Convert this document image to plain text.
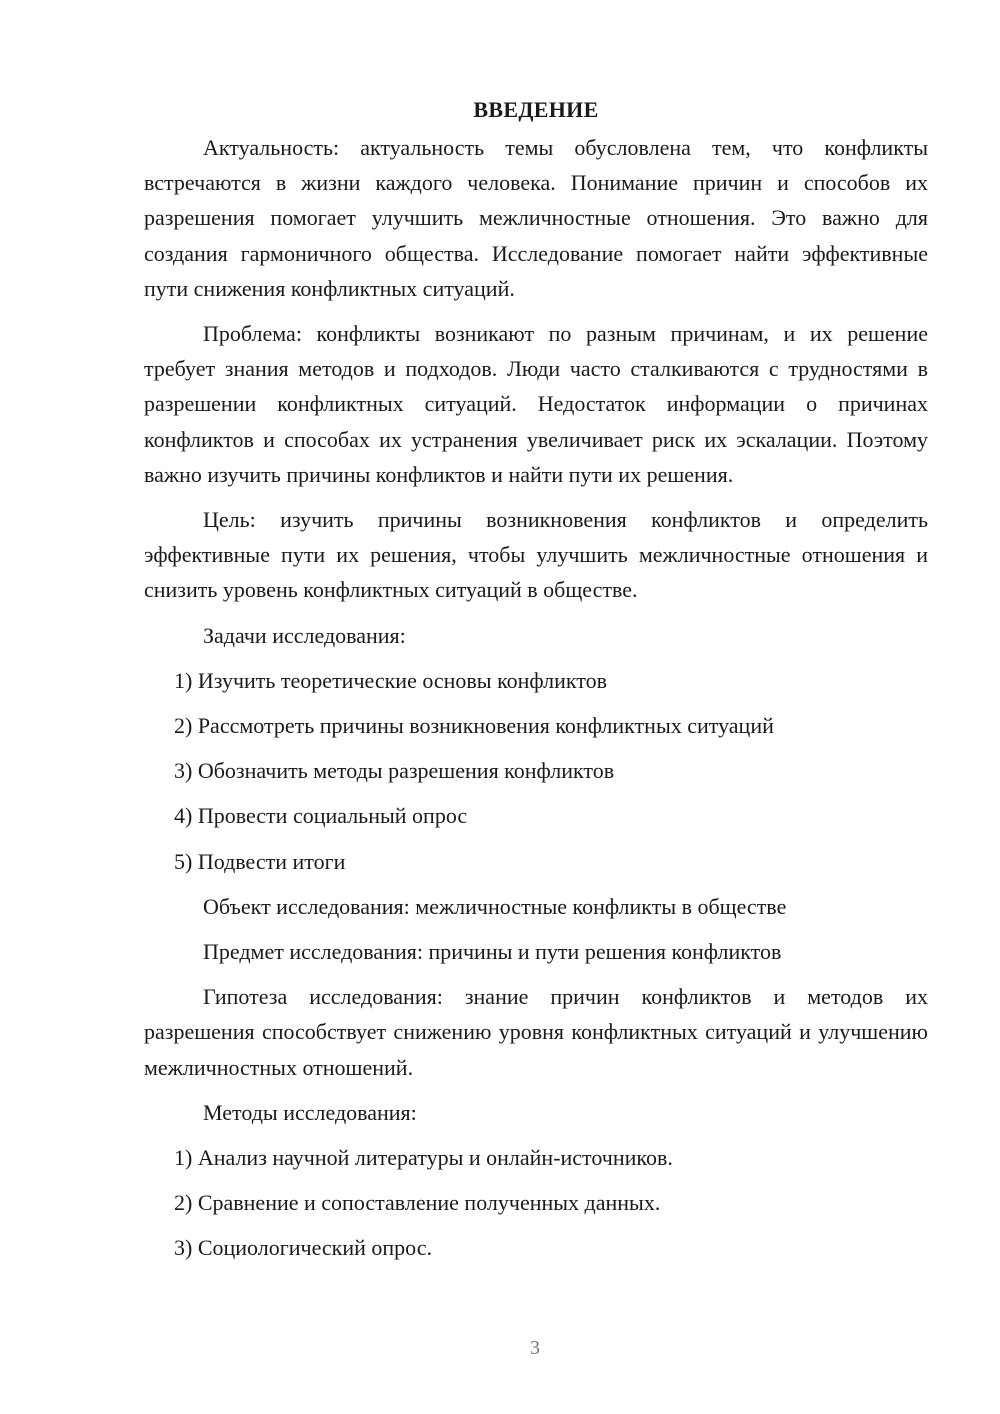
ВВЕДЕНИЕ

Актуальность: актуальность темы обусловлена тем, что конфликты встречаются в жизни каждого человека. Понимание причин и способов их разрешения помогает улучшить межличностные отношения. Это важно для создания гармоничного общества. Исследование помогает найти эффективные пути снижения конфликтных ситуаций.

Проблема: конфликты возникают по разным причинам, и их решение требует знания методов и подходов. Люди часто сталкиваются с трудностями в разрешении конфликтных ситуаций. Недостаток информации о причинах конфликтов и способах их устранения увеличивает риск их эскалации. Поэтому важно изучить причины конфликтов и найти пути их решения.

Цель: изучить причины возникновения конфликтов и определить эффективные пути их решения, чтобы улучшить межличностные отношения и снизить уровень конфликтных ситуаций в обществе.

Задачи исследования:
1) Изучить теоретические основы конфликтов
2) Рассмотреть причины возникновения конфликтных ситуаций
3) Обозначить методы разрешения конфликтов
4) Провести социальный опрос
5) Подвести итоги
Объект исследования: межличностные конфликты в обществе
Предмет исследования: причины и пути решения конфликтов

Гипотеза исследования: знание причин конфликтов и методов их разрешения способствует снижению уровня конфликтных ситуаций и улучшению межличностных отношений.

Методы исследования:
1) Анализ научной литературы и онлайн-источников.
2) Сравнение и сопоставление полученных данных.
3) Социологический опрос.
3
